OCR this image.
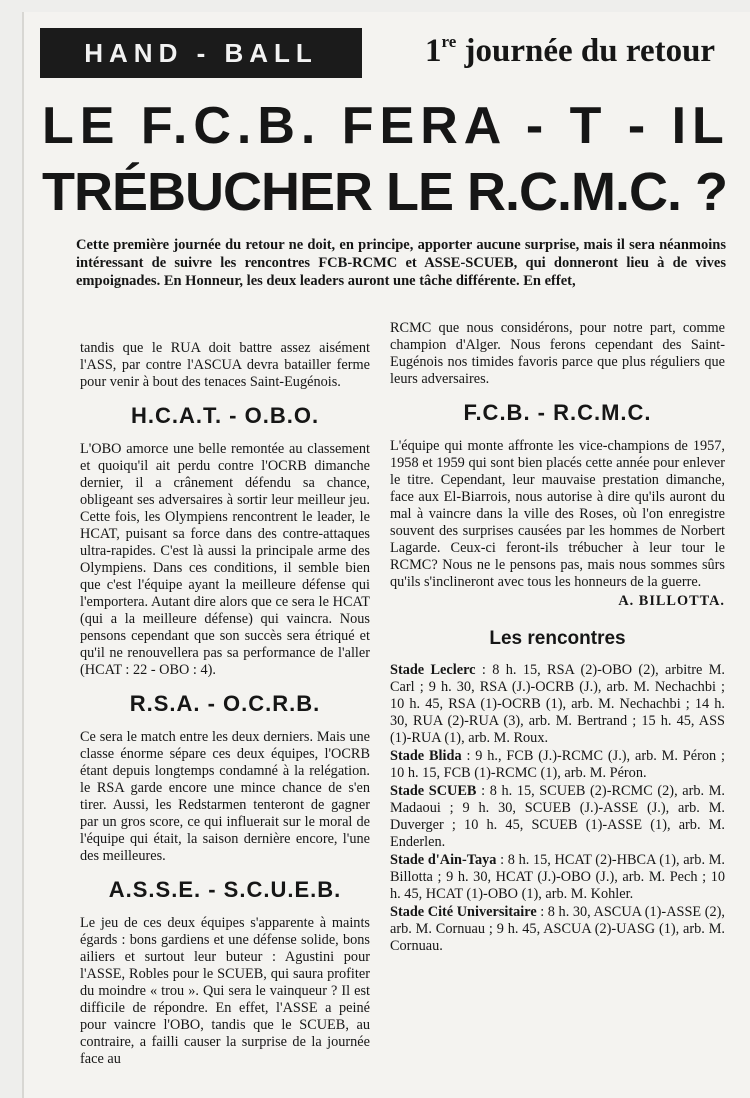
HAND - BALL	1re journée du retour
LE F.C.B. FERA - T - IL
TRÉBUCHER LE R.C.M.C. ?
Cette première journée du retour ne doit, en principe, apporter aucune surprise, mais il sera néanmoins intéressant de suivre les rencontres FCB-RCMC et ASSE-SCUEB, qui donneront lieu à de vives empoignades. En Honneur, les deux leaders auront une tâche différente. En effet,

tandis que le RUA doit battre assez aisément l'ASS, par contre l'ASCUA devra batailler ferme pour venir à bout des tenaces Saint-Eugénois.

H.C.A.T. - O.B.O.

L'OBO amorce une belle remontée au classement et quoiqu'il ait perdu contre l'OCRB dimanche dernier, il a crânement défendu sa chance, obligeant ses adversaires à sortir leur meilleur jeu. Cette fois, les Olympiens rencontrent le leader, le HCAT, puisant sa force dans des contre-attaques ultra-rapides. C'est là aussi la principale arme des Olympiens. Dans ces conditions, il semble bien que c'est l'équipe ayant la meilleure défense qui l'emportera. Autant dire alors que ce sera le HCAT (qui a la meilleure défense) qui vaincra. Nous pensons cependant que son succès sera étriqué et qu'il ne renouvellera pas sa performance de l'aller (HCAT : 22 - OBO : 4).

R.S.A. - O.C.R.B.

Ce sera le match entre les deux derniers. Mais une classe énorme sépare ces deux équipes, l'OCRB étant depuis longtemps condamné à la relégation. le RSA garde encore une mince chance de s'en tirer. Aussi, les Redstarmen tenteront de gagner par un gros score, ce qui influerait sur le moral de l'équipe qui était, la saison dernière encore, l'une des meilleures.

A.S.S.E. - S.C.U.E.B.

Le jeu de ces deux équipes s'apparente à maints égards : bons gardiens et une défense solide, bons ailiers et surtout leur buteur : Agustini pour l'ASSE, Robles pour le SCUEB, qui saura profiter du moindre « trou ». Qui sera le vainqueur ? Il est difficile de répondre. En effet, l'ASSE a peiné pour vaincre l'OBO, tandis que le SCUEB, au contraire, a failli causer la surprise de la journée face au

RCMC que nous considérons, pour notre part, comme champion d'Alger. Nous ferons cependant des Saint-Eugénois nos timides favoris parce que plus réguliers que leurs adversaires.

F.C.B. - R.C.M.C.

L'équipe qui monte affronte les vice-champions de 1957, 1958 et 1959 qui sont bien placés cette année pour enlever le titre. Cependant, leur mauvaise prestation dimanche, face aux El-Biarrois, nous autorise à dire qu'ils auront du mal à vaincre dans la ville des Roses, où l'on enregistre souvent des surprises causées par les hommes de Norbert Lagarde. Ceux-ci feront-ils trébucher à leur tour le RCMC? Nous ne le pensons pas, mais nous sommes sûrs qu'ils s'inclineront avec tous les honneurs de la guerre.

A. BILLOTTA.

Les rencontres

Stade Leclerc : 8 h. 15, RSA (2)-OBO (2), arbitre M. Carl ; 9 h. 30, RSA (J.)-OCRB (J.), arb. M. Nechachbi ; 10 h. 45, RSA (1)-OCRB (1), arb. M. Nechachbi ; 14 h. 30, RUA (2)-RUA (3), arb. M. Bertrand ; 15 h. 45, ASS (1)-RUA (1), arb. M. Roux.

Stade Blida : 9 h., FCB (J.)-RCMC (J.), arb. M. Péron ; 10 h. 15, FCB (1)-RCMC (1), arb. M. Péron.

Stade SCUEB : 8 h. 15, SCUEB (2)-RCMC (2), arb. M. Madaoui ; 9 h. 30, SCUEB (J.)-ASSE (J.), arb. M. Duverger ; 10 h. 45, SCUEB (1)-ASSE (1), arb. M. Enderlen.

Stade d'Ain-Taya : 8 h. 15, HCAT (2)-HBCA (1), arb. M. Billotta ; 9 h. 30, HCAT (J.)-OBO (J.), arb. M. Pech ; 10 h. 45, HCAT (1)-OBO (1), arb. M. Kohler.

Stade Cité Universitaire : 8 h. 30, ASCUA (1)-ASSE (2), arb. M. Cornuau ; 9 h. 45, ASCUA (2)-UASG (1), arb. M. Cornuau.
